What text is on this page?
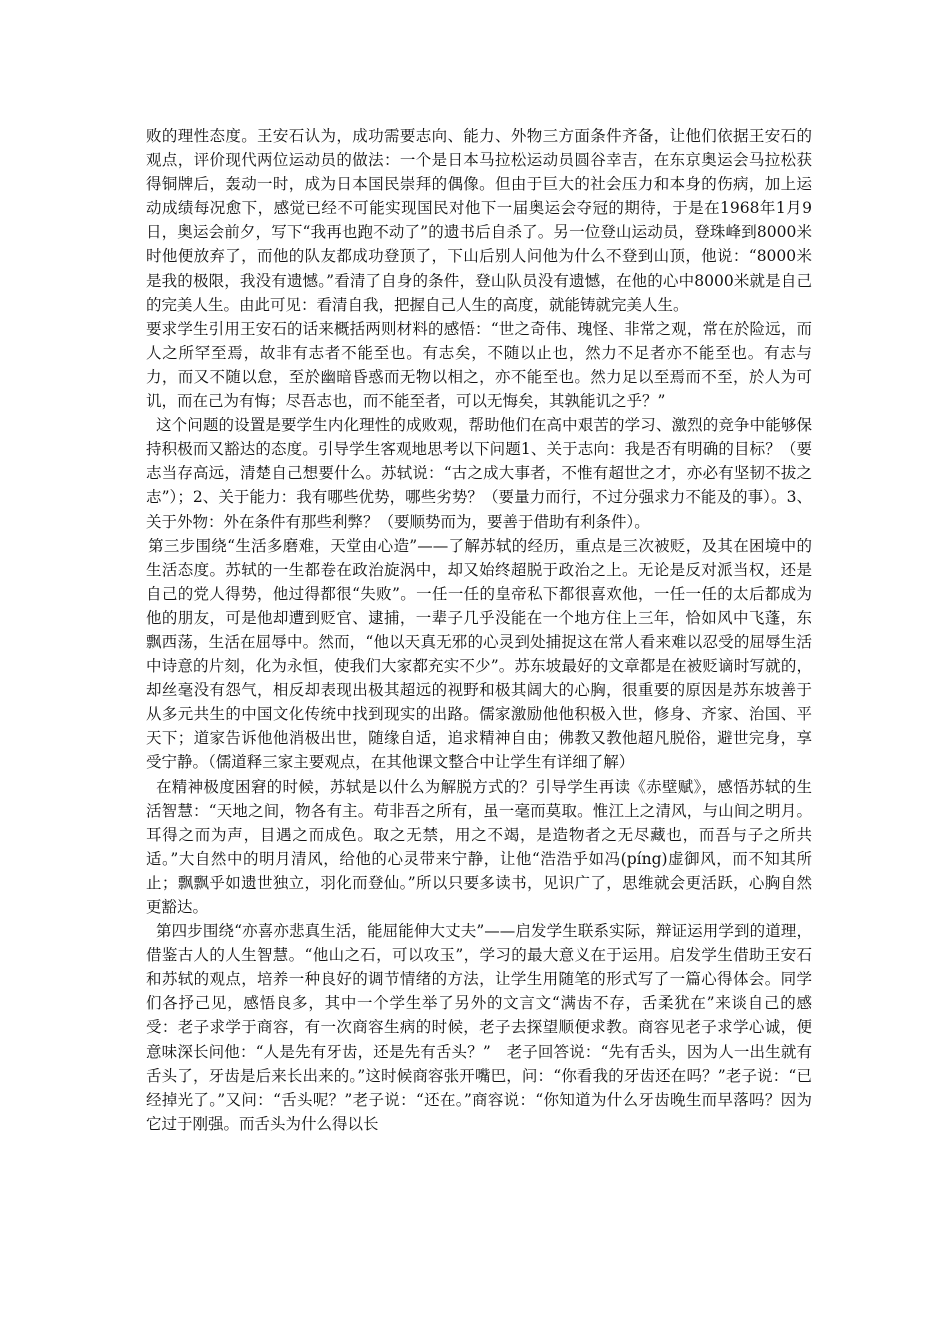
败的理性态度。王安石认为，成功需要志向、能力、外物三方面条件齐备，让他们依据王安石的观点，评价现代两位运动员的做法：一个是日本马拉松运动员圆谷幸吉，在东京奥运会马拉松获得铜牌后，轰动一时，成为日本国民崇拜的偶像。但由于巨大的社会压力和本身的伤病，加上运动成绩每况愈下，感觉已经不可能实现国民对他下一届奥运会夺冠的期待，于是在1968年1月9日，奥运会前夕，写下“我再也跑不动了”的遗书后自杀了。另一位登山运动员，登珠峰到8000米时他便放弃了，而他的队友都成功登顶了，下山后别人问他为什么不登到山顶，他说：“8000米是我的极限，我没有遗憾。”看清了自身的条件，登山队员没有遗憾，在他的心中8000米就是自己的完美人生。由此可见：看清自我，把握自己人生的高度，就能铸就完美人生。

要求学生引用王安石的话来概括两则材料的感悟：“世之奇伟、瑰怪、非常之观，常在於险远，而人之所罕至焉，故非有志者不能至也。有志矣，不随以止也，然力不足者亦不能至也。有志与力，而又不随以怠，至於幽暗昏惑而无物以相之，亦不能至也。然力足以至焉而不至，於人为可讥，而在己为有悔；尽吾志也，而不能至者，可以无悔矣，其孰能讥之乎？”

这个问题的设置是要学生内化理性的成败观，帮助他们在高中艰苦的学习、激烈的竞争中能够保持积极而又豁达的态度。引导学生客观地思考以下问题1、关于志向：我是否有明确的目标？（要志当存高远，清楚自己想要什么。苏轼说：“古之成大事者，不惟有超世之才，亦必有坚韧不拔之志”）；2、关于能力：我有哪些优势，哪些劣势？（要量力而行，不过分强求力不能及的事）。3、关于外物：外在条件有那些利弊？（要顺势而为，要善于借助有利条件）。

第三步围绕“生活多磨难，天堂由心造”——了解苏轼的经历，重点是三次被贬，及其在困境中的生活态度。苏轼的一生都卷在政治旋涡中，却又始终超脱于政治之上。无论是反对派当权，还是自己的党人得势，他过得都很“失败”。一任一任的皇帝私下都很喜欢他，一任一任的太后都成为他的朋友，可是他却遭到贬官、逮捕，一辈子几乎没能在一个地方住上三年，恰如风中飞蓬，东飘西荡，生活在屈辱中。然而，“他以天真无邪的心灵到处捕捉这在常人看来难以忍受的屈辱生活中诗意的片刻，化为永恒，使我们大家都充实不少”。苏东坡最好的文章都是在被贬谪时写就的，却丝毫没有怨气，相反却表现出极其超远的视野和极其阔大的心胸，很重要的原因是苏东坡善于从多元共生的中国文化传统中找到现实的出路。儒家激励他他积极入世，修身、齐家、治国、平天下；道家告诉他他消极出世，随缘自适，追求精神自由；佛教又教他超凡脱俗，避世完身，享受宁静。（儒道释三家主要观点，在其他课文整合中让学生有详细了解）

在精神极度困窘的时候，苏轼是以什么为解脱方式的？引导学生再读《赤壁赋》，感悟苏轼的生活智慧：“天地之间，物各有主。苟非吾之所有，虽一毫而莫取。惟江上之清风，与山间之明月。耳得之而为声，目遇之而成色。取之无禁，用之不竭，是造物者之无尽藏也，而吾与子之所共适。”大自然中的明月清风，给他的心灵带来宁静，让他“浩浩乎如冯(píng)虚御风，而不知其所止；飘飘乎如遗世独立，羽化而登仙。”所以只要多读书，见识广了，思维就会更活跃，心胸自然更豁达。

第四步围绕“亦喜亦悲真生活，能屈能伸大丈夫”——启发学生联系实际，辩证运用学到的道理，借鉴古人的人生智慧。“他山之石，可以攻玉”，学习的最大意义在于运用。启发学生借助王安石和苏轼的观点，培养一种良好的调节情绪的方法，让学生用随笔的形式写了一篇心得体会。同学们各抒己见，感悟良多，其中一个学生举了另外的文言文“满齿不存，舌柔犹在”来谈自己的感受：老子求学于商容，有一次商容生病的时候，老子去探望顺便求教。商容见老子求学心诚，便意味深长问他：“人是先有牙齿，还是先有舌头？”　老子回答说：“先有舌头，因为人一出生就有舌头了，牙齿是后来长出来的。”这时候商容张开嘴巴，问：“你看我的牙齿还在吗？”老子说：“已经掉光了。”又问：“舌头呢？”老子说：“还在。”商容说：“你知道为什么牙齿晚生而早落吗？因为它过于刚强。而舌头为什么得以长
